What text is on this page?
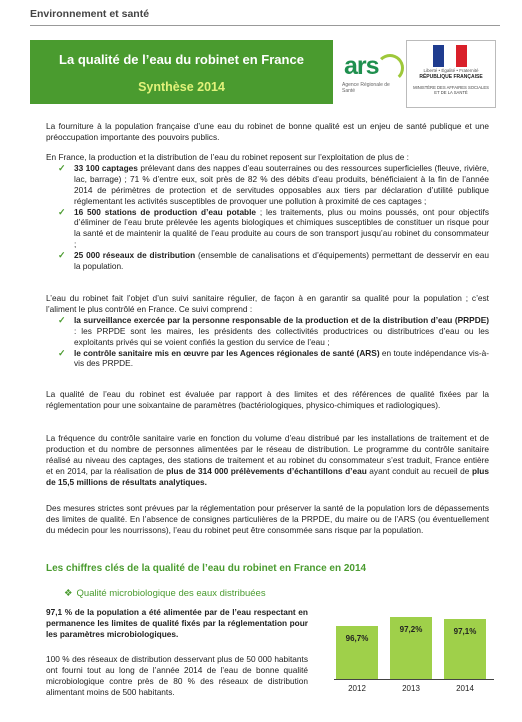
Environnement et santé
La qualité de l’eau du robinet en France
Synthèse 2014
ars
Agence Régionale de Santé
Liberté • Égalité • Fraternité
RÉPUBLIQUE FRANÇAISE
MINISTÈRE DES AFFAIRES SOCIALES ET DE LA SANTÉ
La fourniture à la population française d’une eau du robinet de bonne qualité est un enjeu de santé publique et une préoccupation importante des pouvoirs publics.
En France, la production et la distribution de l’eau du robinet reposent sur l’exploitation de plus de :
✓ 33 100 captages prélevant dans des nappes d’eau souterraines ou des ressources superficielles (fleuve, rivière, lac, barrage) ; 71 % d’entre eux, soit près de 82 % des débits d’eau produits, bénéficiaient à la fin de l’année 2014 de périmètres de protection et de servitudes opposables aux tiers par déclaration d’utilité publique réglementant les activités susceptibles de provoquer une pollution à proximité de ces captages ;
✓ 16 500 stations de production d’eau potable ; les traitements, plus ou moins poussés, ont pour objectifs d’éliminer de l’eau brute prélevée les agents biologiques et chimiques susceptibles de constituer un risque pour la santé et de maintenir la qualité de l’eau produite au cours de son transport jusqu’au robinet du consommateur ;
✓ 25 000 réseaux de distribution (ensemble de canalisations et d’équipements) permettant de desservir en eau la population.
L’eau du robinet fait l’objet d’un suivi sanitaire régulier, de façon à en garantir sa qualité pour la population ; c’est l’aliment le plus contrôlé en France. Ce suivi comprend :
✓ la surveillance exercée par la personne responsable de la production et de la distribution d’eau (PRPDE) : les PRPDE sont les maires, les présidents des collectivités productrices ou distributrices d’eau ou les exploitants privés qui se voient confiés la gestion du service de l’eau ;
✓ le contrôle sanitaire mis en œuvre par les Agences régionales de santé (ARS) en toute indépendance vis-à-vis des PRPDE.
La qualité de l’eau du robinet est évaluée par rapport à des limites et des références de qualité fixées par la réglementation pour une soixantaine de paramètres (bactériologiques, physico-chimiques et radiologiques).
La fréquence du contrôle sanitaire varie en fonction du volume d’eau distribué par les installations de traitement et de production et du nombre de personnes alimentées par le réseau de distribution. Le programme du contrôle sanitaire réalisé au niveau des captages, des stations de traitement et au robinet du consommateur s’est traduit, France entière et en 2014, par la réalisation de plus de 314 000 prélèvements d’échantillons d’eau ayant conduit au recueil de plus de 15,5 millions de résultats analytiques.
Des mesures strictes sont prévues par la réglementation pour préserver la santé de la population lors de dépassements des limites de qualité. En l’absence de consignes particulières de la PRPDE, du maire ou de l’ARS (ou éventuellement du médecin pour les nourrissons), l’eau du robinet peut être consommée sans risque par la population.
Les chiffres clés de la qualité de l’eau du robinet en France en 2014
❖ Qualité microbiologique des eaux distribuées
97,1 % de la population a été alimentée par de l’eau respectant en permanence les limites de qualité fixés par la réglementation pour les paramètres microbiologiques.
100 % des réseaux de distribution desservant plus de 50 000 habitants ont fourni tout au long de l’année 2014 de l’eau de bonne qualité microbiologique contre près de 80 % des réseaux de distribution alimentant moins de 500 habitants.
96,7%
2012
97,2%
2013
97,1%
2014
